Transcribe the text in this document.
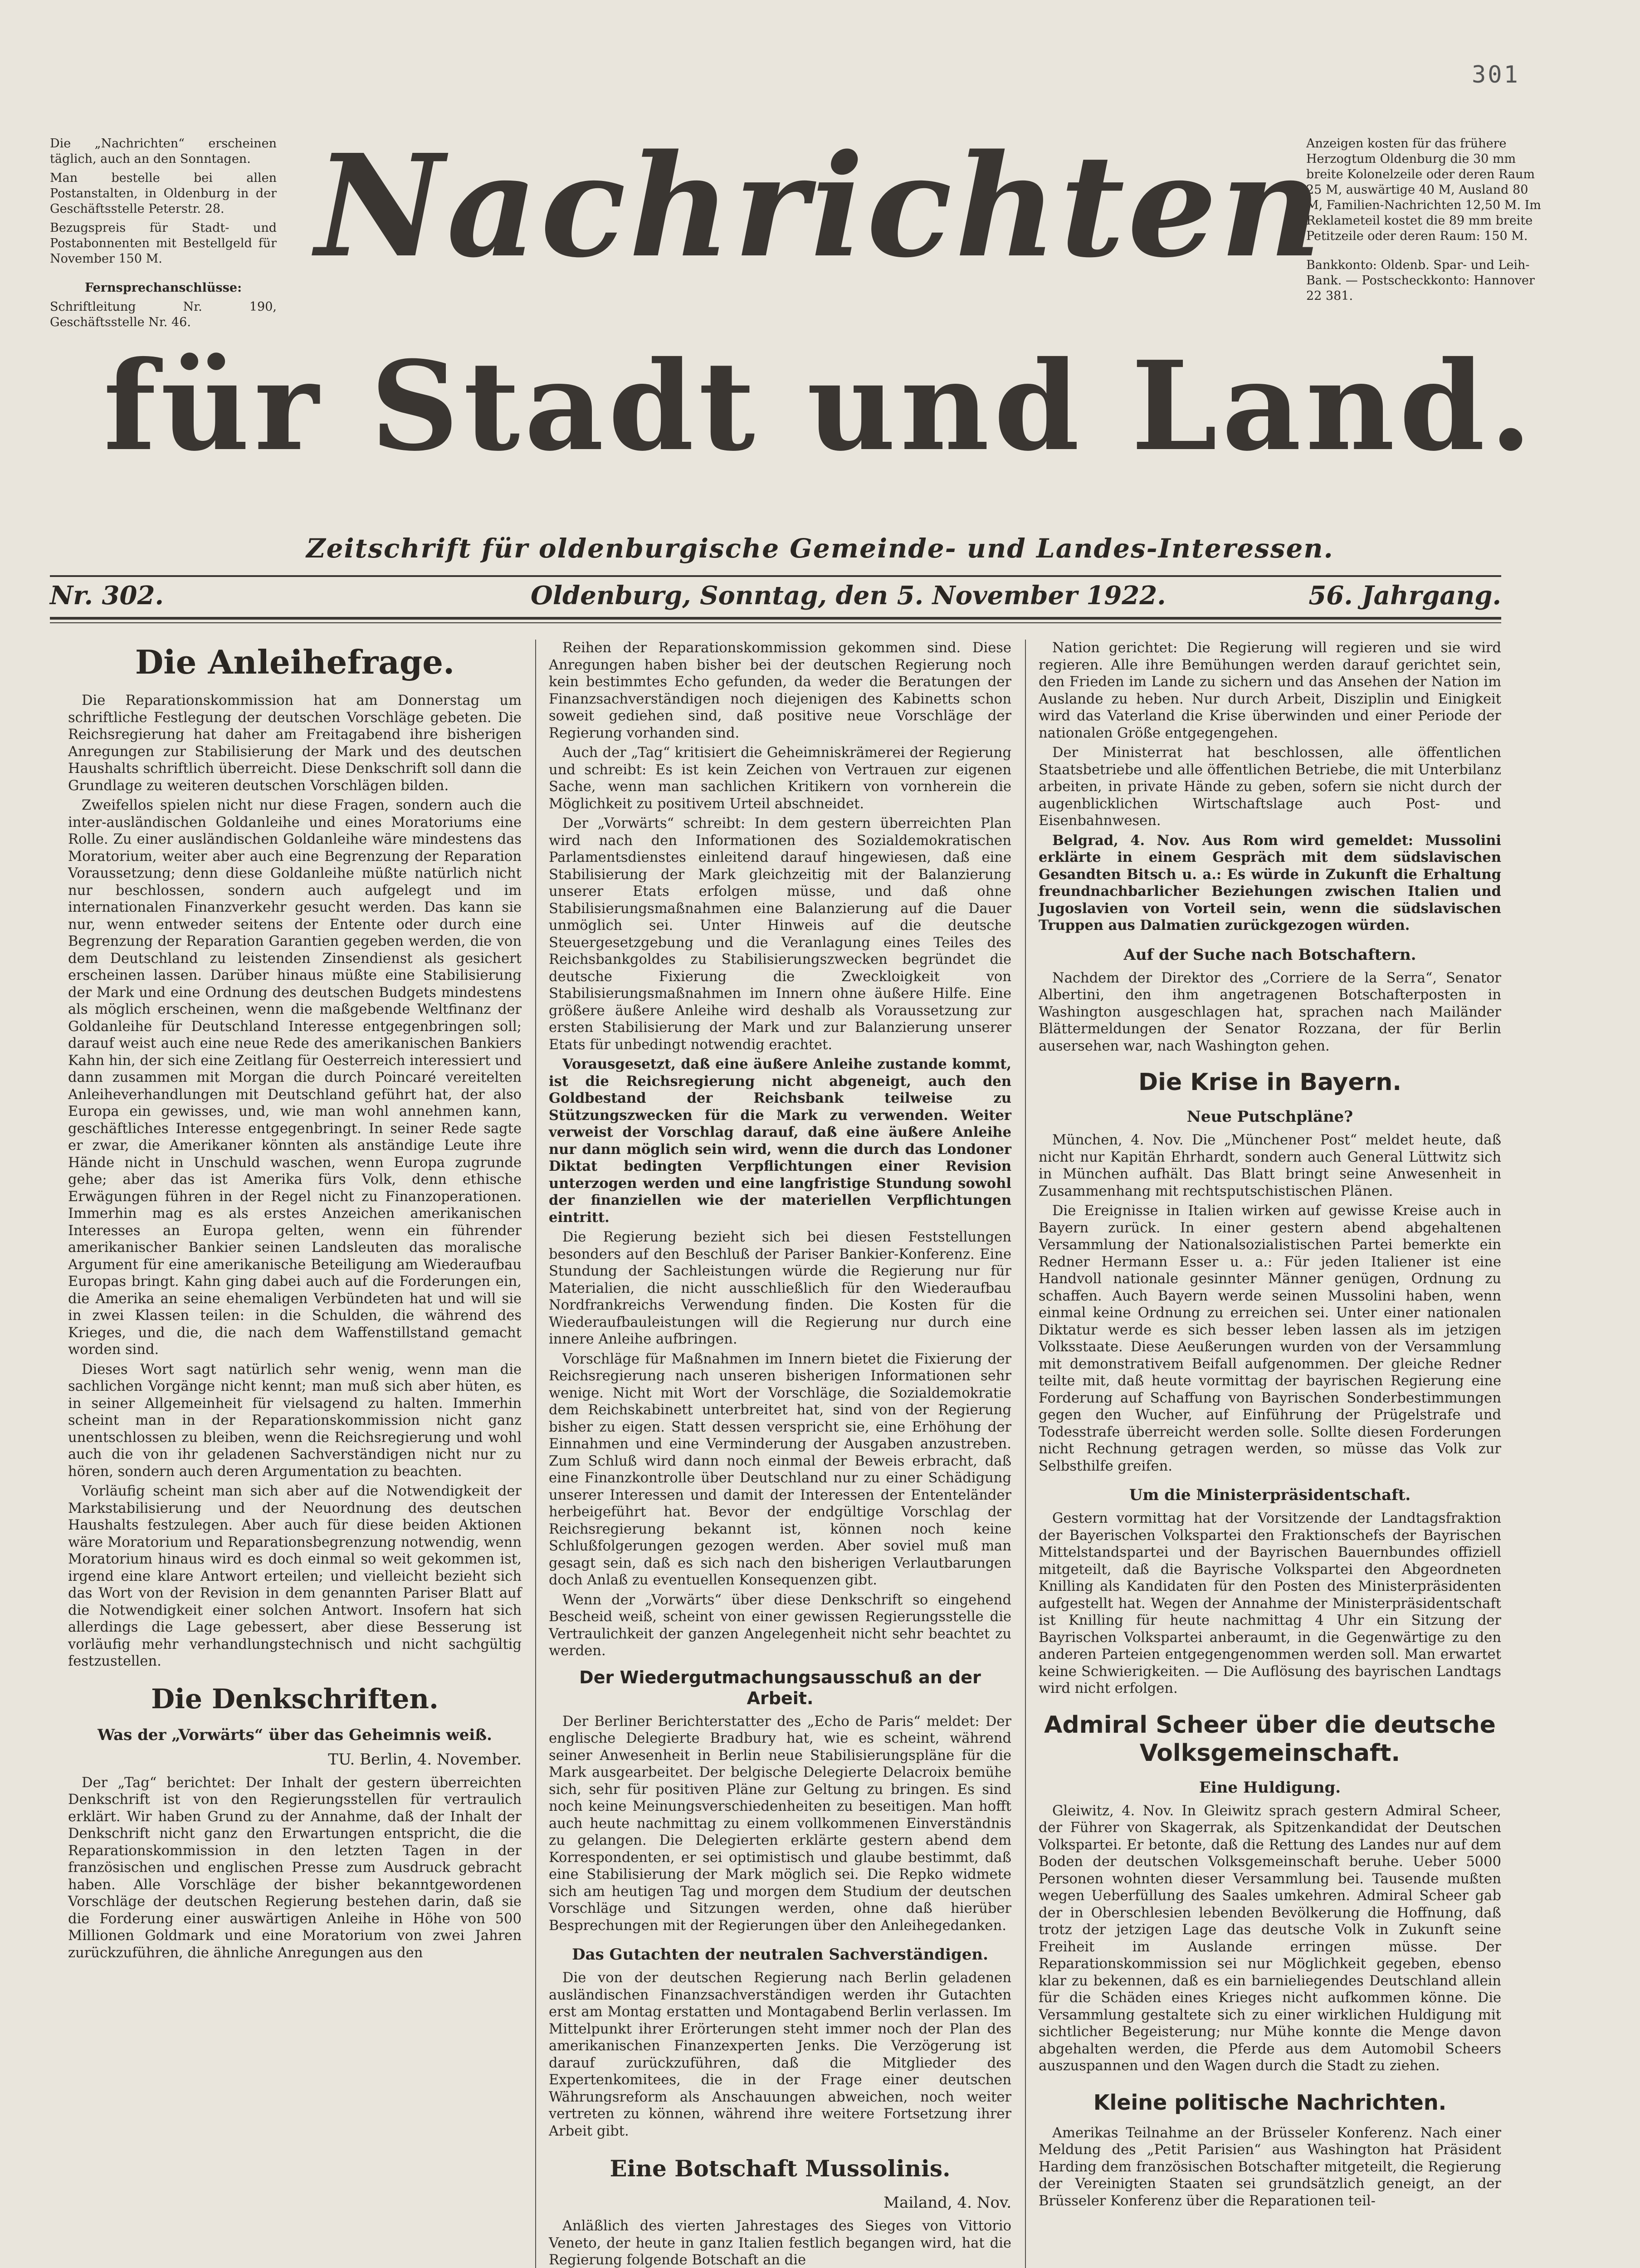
301

Die „Nachrichten“ erscheinen täglich, auch an den Sonntagen.

Man bestelle bei allen Postanstalten, in Oldenburg in der Geschäftsstelle Peterstr. 28.

Bezugspreis für Stadt- und Postabonnenten mit Bestellgeld für November 150 M.

Fernsprechanschlüsse:

Schriftleitung Nr. 190, Geschäftsstelle Nr. 46.

Anzeigen kosten für das frühere Herzogtum Oldenburg die 30 mm breite Kolonelzeile oder deren Raum 25 M, auswärtige 40 M, Ausland 80 M, Familien-Nachrichten 12,50 M. Im Reklameteil kostet die 89 mm breite Petitzeile oder deren Raum: 150 M.

Bankkonto: Oldenb. Spar- und Leih-Bank. — Postscheckkonto: Hannover 22 381.

Nachrichten
für Stadt und Land.
Zeitschrift für oldenburgische Gemeinde- und Landes-Interessen.
Nr. 302.	Oldenburg, Sonntag, den 5. November 1922.	56. Jahrgang.
Die Anleihefrage.

Die Reparationskommission hat am Donnerstag um schriftliche Festlegung der deutschen Vorschläge gebeten. Die Reichsregierung hat daher am Freitagabend ihre bisherigen Anregungen zur Stabilisierung der Mark und des deutschen Haushalts schriftlich überreicht. Diese Denkschrift soll dann die Grundlage zu weiteren deutschen Vorschlägen bilden.

Zweifellos spielen nicht nur diese Fragen, sondern auch die inter-ausländischen Goldanleihe und eines Moratoriums eine Rolle. Zu einer ausländischen Goldanleihe wäre mindestens das Moratorium, weiter aber auch eine Begrenzung der Reparation Voraussetzung; denn diese Goldanleihe müßte natürlich nicht nur beschlossen, sondern auch aufgelegt und im internationalen Finanzverkehr gesucht werden. Das kann sie nur, wenn entweder seitens der Entente oder durch eine Begrenzung der Reparation Garantien gegeben werden, die von dem Deutschland zu leistenden Zinsendienst als gesichert erscheinen lassen. Darüber hinaus müßte eine Stabilisierung der Mark und eine Ordnung des deutschen Budgets mindestens als möglich erscheinen, wenn die maßgebende Weltfinanz der Goldanleihe für Deutschland Interesse entgegenbringen soll; darauf weist auch eine neue Rede des amerikanischen Bankiers Kahn hin, der sich eine Zeitlang für Oesterreich interessiert und dann zusammen mit Morgan die durch Poincaré vereitelten Anleiheverhandlungen mit Deutschland geführt hat, der also Europa ein gewisses, und, wie man wohl annehmen kann, geschäftliches Interesse entgegenbringt. In seiner Rede sagte er zwar, die Amerikaner könnten als anständige Leute ihre Hände nicht in Unschuld waschen, wenn Europa zugrunde gehe; aber das ist Amerika fürs Volk, denn ethische Erwägungen führen in der Regel nicht zu Finanzoperationen. Immerhin mag es als erstes Anzeichen amerikanischen Interesses an Europa gelten, wenn ein führender amerikanischer Bankier seinen Landsleuten das moralische Argument für eine amerikanische Beteiligung am Wiederaufbau Europas bringt. Kahn ging dabei auch auf die Forderungen ein, die Amerika an seine ehemaligen Verbündeten hat und will sie in zwei Klassen teilen: in die Schulden, die während des Krieges, und die, die nach dem Waffenstillstand gemacht worden sind.

Dieses Wort sagt natürlich sehr wenig, wenn man die sachlichen Vorgänge nicht kennt; man muß sich aber hüten, es in seiner Allgemeinheit für vielsagend zu halten. Immerhin scheint man in der Reparationskommission nicht ganz unentschlossen zu bleiben, wenn die Reichsregierung und wohl auch die von ihr geladenen Sachverständigen nicht nur zu hören, sondern auch deren Argumentation zu beachten.

Vorläufig scheint man sich aber auf die Notwendigkeit der Markstabilisierung und der Neuordnung des deutschen Haushalts festzulegen. Aber auch für diese beiden Aktionen wäre Moratorium und Reparationsbegrenzung notwendig, wenn Moratorium hinaus wird es doch einmal so weit gekommen ist, irgend eine klare Antwort erteilen; und vielleicht bezieht sich das Wort von der Revision in dem genannten Pariser Blatt auf die Notwendigkeit einer solchen Antwort. Insofern hat sich allerdings die Lage gebessert, aber diese Besserung ist vorläufig mehr verhandlungstechnisch und nicht sachgültig festzustellen.

Die Denkschriften.
Was der „Vorwärts“ über das Geheimnis weiß.
TU. Berlin, 4. November.

Der „Tag“ berichtet: Der Inhalt der gestern überreichten Denkschrift ist von den Regierungsstellen für vertraulich erklärt. Wir haben Grund zu der Annahme, daß der Inhalt der Denkschrift nicht ganz den Erwartungen entspricht, die die Reparationskommission in den letzten Tagen in der französischen und englischen Presse zum Ausdruck gebracht haben. Alle Vorschläge der bisher bekanntgewordenen Vorschläge der deutschen Regierung bestehen darin, daß sie die Forderung einer auswärtigen Anleihe in Höhe von 500 Millionen Goldmark und eine Moratorium von zwei Jahren zurückzuführen, die ähnliche Anregungen aus den

Reihen der Reparationskommission gekommen sind. Diese Anregungen haben bisher bei der deutschen Regierung noch kein bestimmtes Echo gefunden, da weder die Beratungen der Finanzsachverständigen noch diejenigen des Kabinetts schon soweit gediehen sind, daß positive neue Vorschläge der Regierung vorhanden sind.

Auch der „Tag“ kritisiert die Geheimniskrämerei der Regierung und schreibt: Es ist kein Zeichen von Vertrauen zur eigenen Sache, wenn man sachlichen Kritikern von vornherein die Möglichkeit zu positivem Urteil abschneidet.

Der „Vorwärts“ schreibt: In dem gestern überreichten Plan wird nach den Informationen des Sozialdemokratischen Parlamentsdienstes einleitend darauf hingewiesen, daß eine Stabilisierung der Mark gleichzeitig mit der Balanzierung unserer Etats erfolgen müsse, und daß ohne Stabilisierungsmaßnahmen eine Balanzierung auf die Dauer unmöglich sei. Unter Hinweis auf die deutsche Steuergesetzgebung und die Veranlagung eines Teiles des Reichsbankgoldes zu Stabilisierungszwecken begründet die deutsche Fixierung die Zweckloigkeit von Stabilisierungsmaßnahmen im Innern ohne äußere Hilfe. Eine größere äußere Anleihe wird deshalb als Voraussetzung zur ersten Stabilisierung der Mark und zur Balanzierung unserer Etats für unbedingt notwendig erachtet.

Vorausgesetzt, daß eine äußere Anleihe zustande kommt, ist die Reichsregierung nicht abgeneigt, auch den Goldbestand der Reichsbank teilweise zu Stützungszwecken für die Mark zu verwenden. Weiter verweist der Vorschlag darauf, daß eine äußere Anleihe nur dann möglich sein wird, wenn die durch das Londoner Diktat bedingten Verpflichtungen einer Revision unterzogen werden und eine langfristige Stundung sowohl der finanziellen wie der materiellen Verpflichtungen eintritt.

Die Regierung bezieht sich bei diesen Feststellungen besonders auf den Beschluß der Pariser Bankier-Konferenz. Eine Stundung der Sachleistungen würde die Regierung nur für Materialien, die nicht ausschließlich für den Wiederaufbau Nordfrankreichs Verwendung finden. Die Kosten für die Wiederaufbauleistungen will die Regierung nur durch eine innere Anleihe aufbringen.

Vorschläge für Maßnahmen im Innern bietet die Fixierung der Reichsregierung nach unseren bisherigen Informationen sehr wenige. Nicht mit Wort der Vorschläge, die Sozialdemokratie dem Reichskabinett unterbreitet hat, sind von der Regierung bisher zu eigen. Statt dessen verspricht sie, eine Erhöhung der Einnahmen und eine Verminderung der Ausgaben anzustreben. Zum Schluß wird dann noch einmal der Beweis erbracht, daß eine Finanzkontrolle über Deutschland nur zu einer Schädigung unserer Interessen und damit der Interessen der Ententeländer herbeigeführt hat. Bevor der endgültige Vorschlag der Reichsregierung bekannt ist, können noch keine Schlußfolgerungen gezogen werden. Aber soviel muß man gesagt sein, daß es sich nach den bisherigen Verlautbarungen doch Anlaß zu eventuellen Konsequenzen gibt.

Wenn der „Vorwärts“ über diese Denkschrift so eingehend Bescheid weiß, scheint von einer gewissen Regierungsstelle die Vertraulichkeit der ganzen Angelegenheit nicht sehr beachtet zu werden.

Der Wiedergutmachungsausschuß an der Arbeit.

Der Berliner Berichterstatter des „Echo de Paris“ meldet: Der englische Delegierte Bradbury hat, wie es scheint, während seiner Anwesenheit in Berlin neue Stabilisierungspläne für die Mark ausgearbeitet. Der belgische Delegierte Delacroix bemühe sich, sehr für positiven Pläne zur Geltung zu bringen. Es sind noch keine Meinungsverschiedenheiten zu beseitigen. Man hofft auch heute nachmittag zu einem vollkommenen Einverständnis zu gelangen. Die Delegierten erklärte gestern abend dem Korrespondenten, er sei optimistisch und glaube bestimmt, daß eine Stabilisierung der Mark möglich sei. Die Repko widmete sich am heutigen Tag und morgen dem Studium der deutschen Vorschläge und Sitzungen werden, ohne daß hierüber Besprechungen mit der Regierungen über den Anleihegedanken.

Das Gutachten der neutralen Sachverständigen.

Die von der deutschen Regierung nach Berlin geladenen ausländischen Finanzsachverständigen werden ihr Gutachten erst am Montag erstatten und Montagabend Berlin verlassen. Im Mittelpunkt ihrer Erörterungen steht immer noch der Plan des amerikanischen Finanzexperten Jenks. Die Verzögerung ist darauf zurückzuführen, daß die Mitglieder des Expertenkomitees, die in der Frage einer deutschen Währungsreform als Anschauungen abweichen, noch weiter vertreten zu können, während ihre weitere Fortsetzung ihrer Arbeit gibt.

Eine Botschaft Mussolinis.
Mailand, 4. Nov.

Anläßlich des vierten Jahrestages des Sieges von Vittorio Veneto, der heute in ganz Italien festlich begangen wird, hat die Regierung folgende Botschaft an die

Nation gerichtet: Die Regierung will regieren und sie wird regieren. Alle ihre Bemühungen werden darauf gerichtet sein, den Frieden im Lande zu sichern und das Ansehen der Nation im Auslande zu heben. Nur durch Arbeit, Disziplin und Einigkeit wird das Vaterland die Krise überwinden und einer Periode der nationalen Größe entgegengehen.

Der Ministerrat hat beschlossen, alle öffentlichen Staatsbetriebe und alle öffentlichen Betriebe, die mit Unterbilanz arbeiten, in private Hände zu geben, sofern sie nicht durch der augenblicklichen Wirtschaftslage auch Post- und Eisenbahnwesen.

Belgrad, 4. Nov. Aus Rom wird gemeldet: Mussolini erklärte in einem Gespräch mit dem südslavischen Gesandten Bitsch u. a.: Es würde in Zukunft die Erhaltung freundnachbarlicher Beziehungen zwischen Italien und Jugoslavien von Vorteil sein, wenn die südslavischen Truppen aus Dalmatien zurückgezogen würden.

Auf der Suche nach Botschaftern.

Nachdem der Direktor des „Corriere de la Serra“, Senator Albertini, den ihm angetragenen Botschafterposten in Washington ausgeschlagen hat, sprachen nach Mailänder Blättermeldungen der Senator Rozzana, der für Berlin ausersehen war, nach Washington gehen.

Die Krise in Bayern.
Neue Putschpläne?

München, 4. Nov. Die „Münchener Post“ meldet heute, daß nicht nur Kapitän Ehrhardt, sondern auch General Lüttwitz sich in München aufhält. Das Blatt bringt seine Anwesenheit in Zusammenhang mit rechtsputschistischen Plänen.

Die Ereignisse in Italien wirken auf gewisse Kreise auch in Bayern zurück. In einer gestern abend abgehaltenen Versammlung der Nationalsozialistischen Partei bemerkte ein Redner Hermann Esser u. a.: Für jeden Italiener ist eine Handvoll nationale gesinnter Männer genügen, Ordnung zu schaffen. Auch Bayern werde seinen Mussolini haben, wenn einmal keine Ordnung zu erreichen sei. Unter einer nationalen Diktatur werde es sich besser leben lassen als im jetzigen Volksstaate. Diese Aeußerungen wurden von der Versammlung mit demonstrativem Beifall aufgenommen. Der gleiche Redner teilte mit, daß heute vormittag der bayrischen Regierung eine Forderung auf Schaffung von Bayrischen Sonderbestimmungen gegen den Wucher, auf Einführung der Prügelstrafe und Todesstrafe überreicht werden solle. Sollte diesen Forderungen nicht Rechnung getragen werden, so müsse das Volk zur Selbsthilfe greifen.

Um die Ministerpräsidentschaft.

Gestern vormittag hat der Vorsitzende der Landtagsfraktion der Bayerischen Volkspartei den Fraktionschefs der Bayrischen Mittelstandspartei und der Bayrischen Bauernbundes offiziell mitgeteilt, daß die Bayrische Volkspartei den Abgeordneten Knilling als Kandidaten für den Posten des Ministerpräsidenten aufgestellt hat. Wegen der Annahme der Ministerpräsidentschaft ist Knilling für heute nachmittag 4 Uhr ein Sitzung der Bayrischen Volkspartei anberaumt, in die Gegenwärtige zu den anderen Parteien entgegengenommen werden soll. Man erwartet keine Schwierigkeiten. — Die Auflösung des bayrischen Landtags wird nicht erfolgen.

Admiral Scheer über die deutsche Volksgemeinschaft.
Eine Huldigung.

Gleiwitz, 4. Nov. In Gleiwitz sprach gestern Admiral Scheer, der Führer von Skagerrak, als Spitzenkandidat der Deutschen Volkspartei. Er betonte, daß die Rettung des Landes nur auf dem Boden der deutschen Volksgemeinschaft beruhe. Ueber 5000 Personen wohnten dieser Versammlung bei. Tausende mußten wegen Ueberfüllung des Saales umkehren. Admiral Scheer gab der in Oberschlesien lebenden Bevölkerung die Hoffnung, daß trotz der jetzigen Lage das deutsche Volk in Zukunft seine Freiheit im Auslande erringen müsse. Der Reparationskommission sei nur Möglichkeit gegeben, ebenso klar zu bekennen, daß es ein barnieliegendes Deutschland allein für die Schäden eines Krieges nicht aufkommen könne. Die Versammlung gestaltete sich zu einer wirklichen Huldigung mit sichtlicher Begeisterung; nur Mühe konnte die Menge davon abgehalten werden, die Pferde aus dem Automobil Scheers auszuspannen und den Wagen durch die Stadt zu ziehen.

Kleine politische Nachrichten.

Amerikas Teilnahme an der Brüsseler Konferenz. Nach einer Meldung des „Petit Parisien“ aus Washington hat Präsident Harding dem französischen Botschafter mitgeteilt, die Regierung der Vereinigten Staaten sei grundsätzlich geneigt, an der Brüsseler Konferenz über die Reparationen teil-
